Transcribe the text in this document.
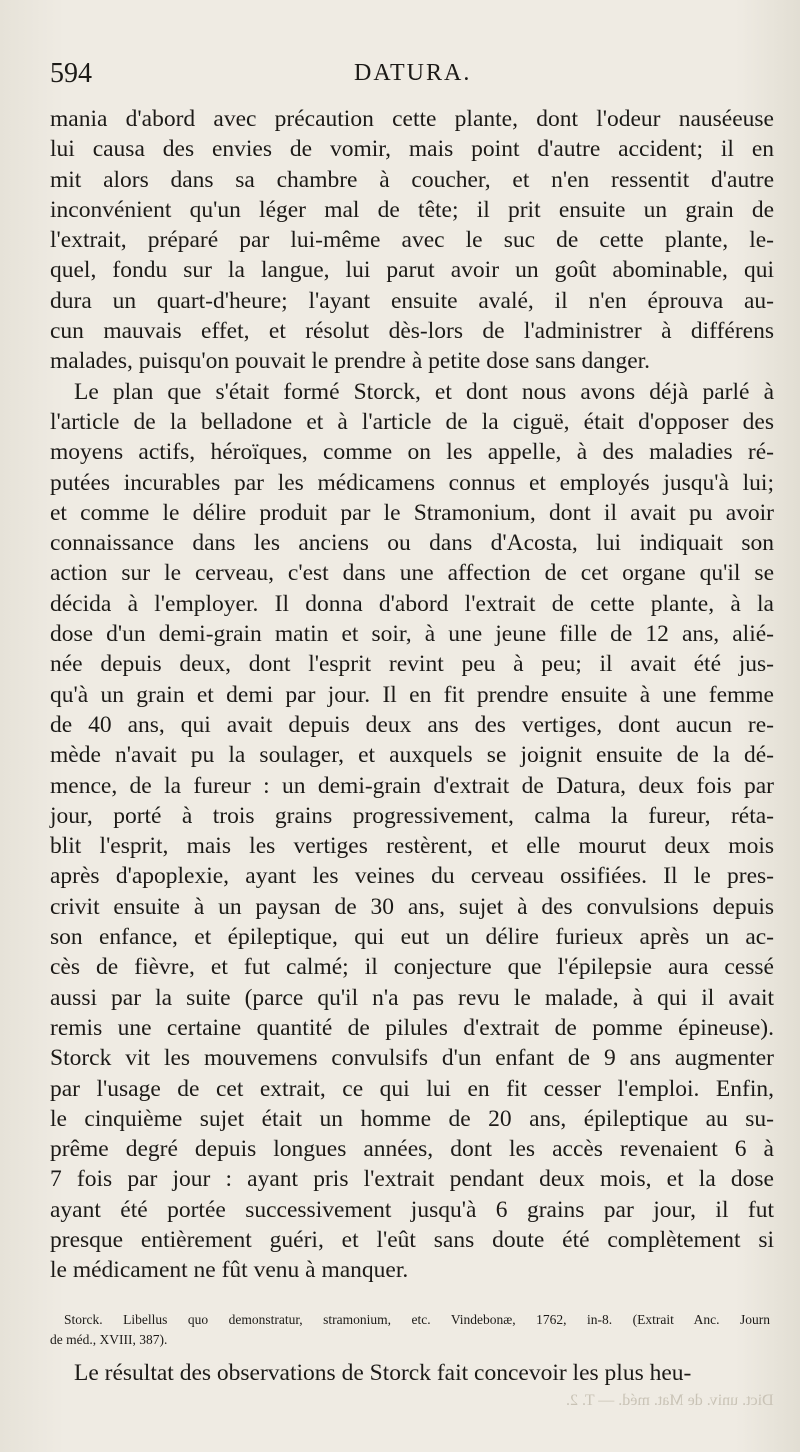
594	DATURA.
mania d'abord avec précaution cette plante, dont l'odeur nauséeuse
lui causa des envies de vomir, mais point d'autre accident; il en
mit alors dans sa chambre à coucher, et n'en ressentit d'autre
inconvénient qu'un léger mal de tête; il prit ensuite un grain de
l'extrait, préparé par lui-même avec le suc de cette plante, le-
quel, fondu sur la langue, lui parut avoir un goût abominable, qui
dura un quart-d'heure; l'ayant ensuite avalé, il n'en éprouva au-
cun mauvais effet, et résolut dès-lors de l'administrer à différens
malades, puisqu'on pouvait le prendre à petite dose sans danger.
Le plan que s'était formé Storck, et dont nous avons déjà parlé à
l'article de la belladone et à l'article de la ciguë, était d'opposer des
moyens actifs, héroïques, comme on les appelle, à des maladies ré-
putées incurables par les médicamens connus et employés jusqu'à lui;
et comme le délire produit par le Stramonium, dont il avait pu avoir
connaissance dans les anciens ou dans d'Acosta, lui indiquait son
action sur le cerveau, c'est dans une affection de cet organe qu'il se
décida à l'employer. Il donna d'abord l'extrait de cette plante, à la
dose d'un demi-grain matin et soir, à une jeune fille de 12 ans, alié-
née depuis deux, dont l'esprit revint peu à peu; il avait été jus-
qu'à un grain et demi par jour. Il en fit prendre ensuite à une femme
de 40 ans, qui avait depuis deux ans des vertiges, dont aucun re-
mède n'avait pu la soulager, et auxquels se joignit ensuite de la dé-
mence, de la fureur : un demi-grain d'extrait de Datura, deux fois par
jour, porté à trois grains progressivement, calma la fureur, réta-
blit l'esprit, mais les vertiges restèrent, et elle mourut deux mois
après d'apoplexie, ayant les veines du cerveau ossifiées. Il le pres-
crivit ensuite à un paysan de 30 ans, sujet à des convulsions depuis
son enfance, et épileptique, qui eut un délire furieux après un ac-
cès de fièvre, et fut calmé; il conjecture que l'épilepsie aura cessé
aussi par la suite (parce qu'il n'a pas revu le malade, à qui il avait
remis une certaine quantité de pilules d'extrait de pomme épineuse).
Storck vit les mouvemens convulsifs d'un enfant de 9 ans augmenter
par l'usage de cet extrait, ce qui lui en fit cesser l'emploi. Enfin,
le cinquième sujet était un homme de 20 ans, épileptique au su-
prême degré depuis longues années, dont les accès revenaient 6 à
7 fois par jour : ayant pris l'extrait pendant deux mois, et la dose
ayant été portée successivement jusqu'à 6 grains par jour, il fut
presque entièrement guéri, et l'eût sans doute été complètement si
le médicament ne fût venu à manquer.
Storck. Libellus quo demonstratur, stramonium, etc. Vindebonæ, 1762, in-8. (Extrait Anc. Journ
de méd., XVIII, 387).
Le résultat des observations de Storck fait concevoir les plus heu-
Dict. univ. de Mat. méd. — T. 2.
